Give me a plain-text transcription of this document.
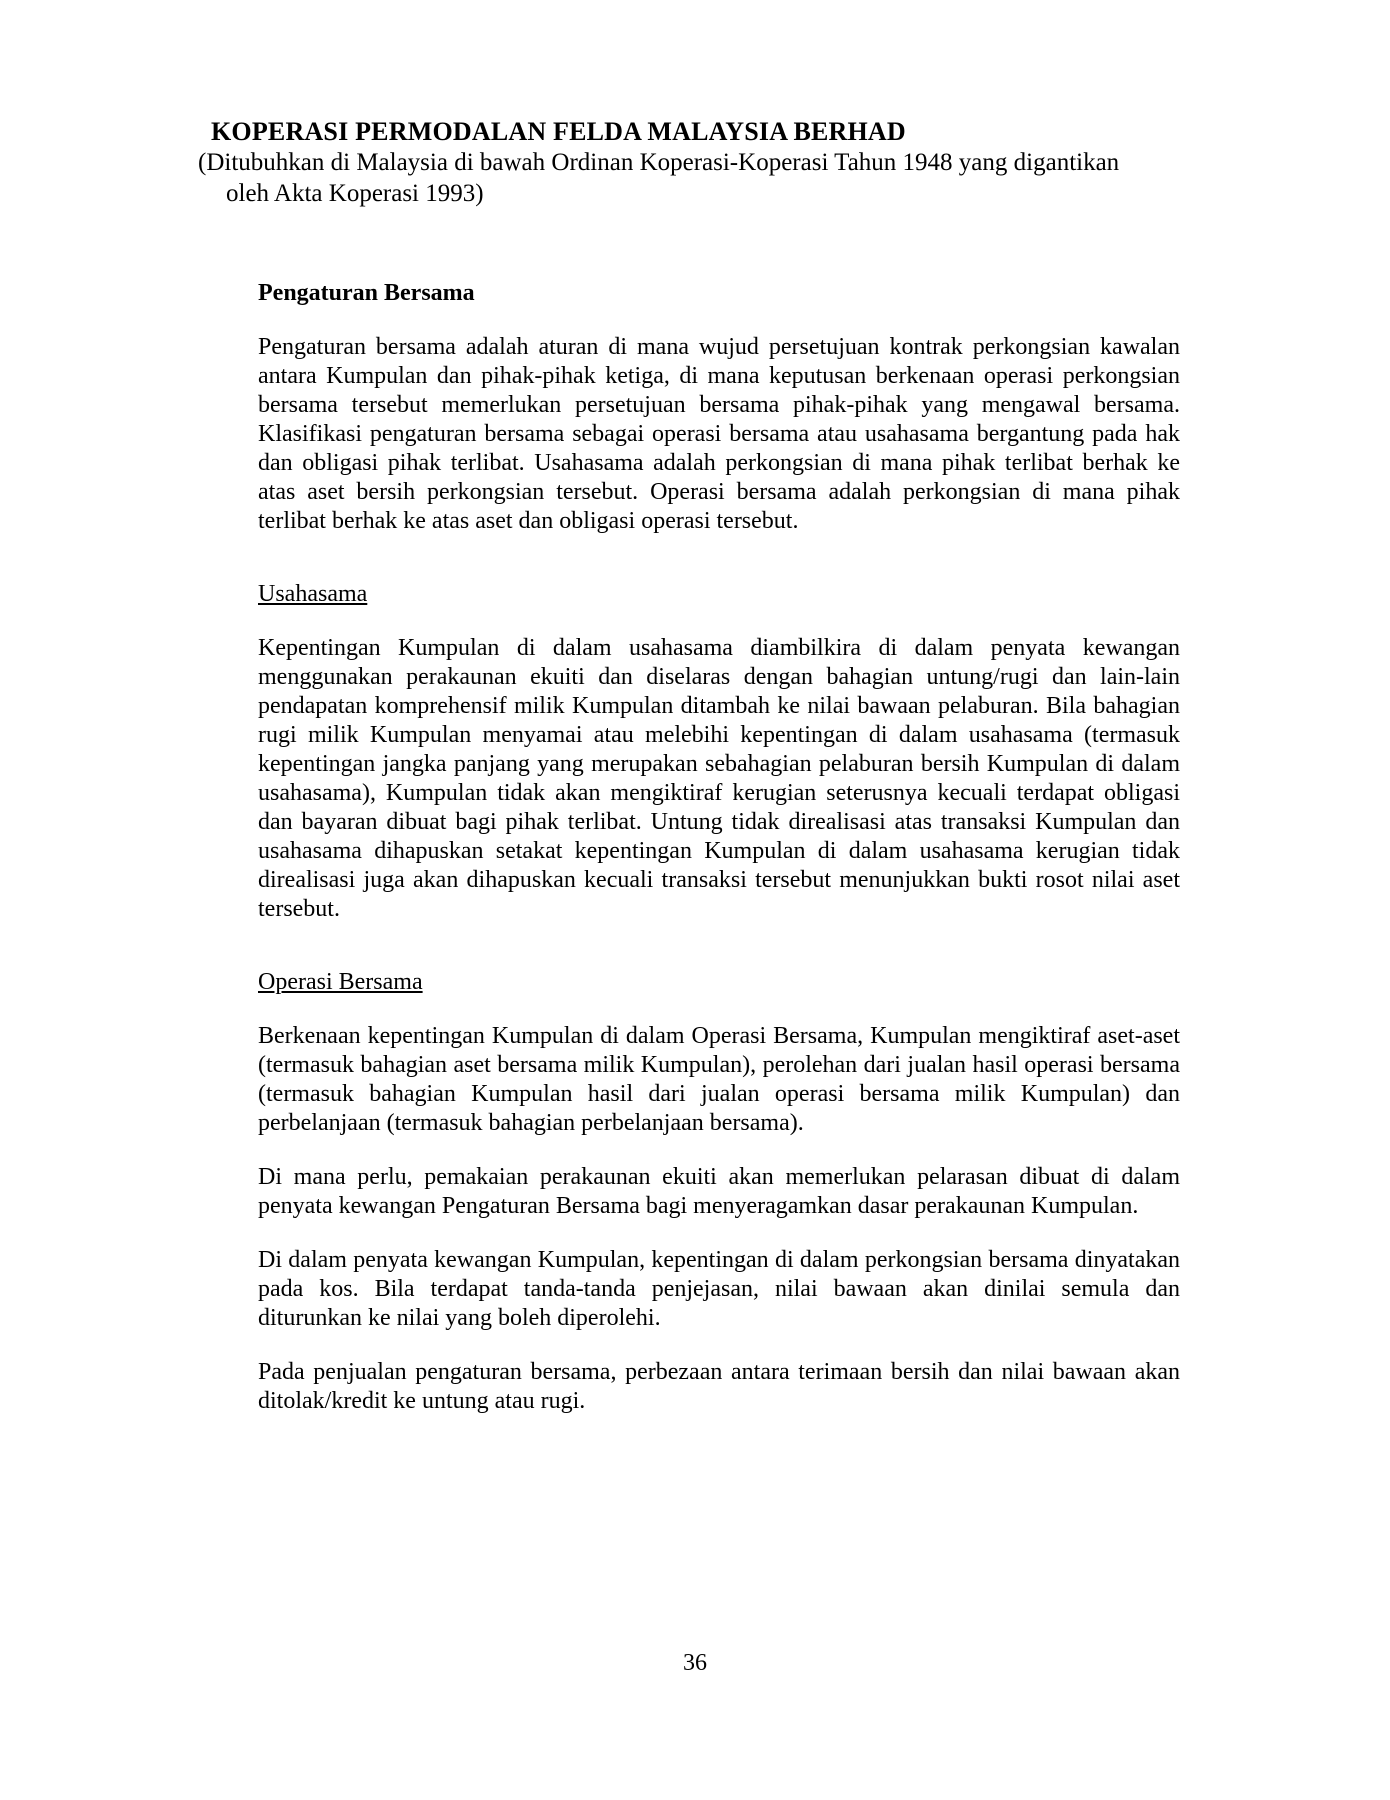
KOPERASI PERMODALAN FELDA MALAYSIA BERHAD
(Ditubuhkan di Malaysia di bawah Ordinan Koperasi-Koperasi Tahun 1948 yang digantikan
oleh Akta Koperasi 1993)
Pengaturan Bersama

Pengaturan bersama adalah aturan di mana wujud persetujuan kontrak perkongsian kawalan antara Kumpulan dan pihak-pihak ketiga, di mana keputusan berkenaan operasi perkongsian bersama tersebut memerlukan persetujuan bersama pihak-pihak yang mengawal bersama. Klasifikasi pengaturan bersama sebagai operasi bersama atau usahasama bergantung pada hak dan obligasi pihak terlibat. Usahasama adalah perkongsian di mana pihak terlibat berhak ke atas aset bersih perkongsian tersebut. Operasi bersama adalah perkongsian di mana pihak terlibat berhak ke atas aset dan obligasi operasi tersebut.

Usahasama

Kepentingan Kumpulan di dalam usahasama diambilkira di dalam penyata kewangan menggunakan perakaunan ekuiti dan diselaras dengan bahagian untung/rugi dan lain-lain pendapatan komprehensif milik Kumpulan ditambah ke nilai bawaan pelaburan. Bila bahagian rugi milik Kumpulan menyamai atau melebihi kepentingan di dalam usahasama (termasuk kepentingan jangka panjang yang merupakan sebahagian pelaburan bersih Kumpulan di dalam usahasama), Kumpulan tidak akan mengiktiraf kerugian seterusnya kecuali terdapat obligasi dan bayaran dibuat bagi pihak terlibat. Untung tidak direalisasi atas transaksi Kumpulan dan usahasama dihapuskan setakat kepentingan Kumpulan di dalam usahasama kerugian tidak direalisasi juga akan dihapuskan kecuali transaksi tersebut menunjukkan bukti rosot nilai aset tersebut.

Operasi Bersama

Berkenaan kepentingan Kumpulan di dalam Operasi Bersama, Kumpulan mengiktiraf aset-aset (termasuk bahagian aset bersama milik Kumpulan), perolehan dari jualan hasil operasi bersama (termasuk bahagian Kumpulan hasil dari jualan operasi bersama milik Kumpulan) dan perbelanjaan (termasuk bahagian perbelanjaan bersama).

Di mana perlu, pemakaian perakaunan ekuiti akan memerlukan pelarasan dibuat di dalam penyata kewangan Pengaturan Bersama bagi menyeragamkan dasar perakaunan Kumpulan.

Di dalam penyata kewangan Kumpulan, kepentingan di dalam perkongsian bersama dinyatakan pada kos. Bila terdapat tanda-tanda penjejasan, nilai bawaan akan dinilai semula dan diturunkan ke nilai yang boleh diperolehi.

Pada penjualan pengaturan bersama, perbezaan antara terimaan bersih dan nilai bawaan akan ditolak/kredit ke untung atau rugi.

36
